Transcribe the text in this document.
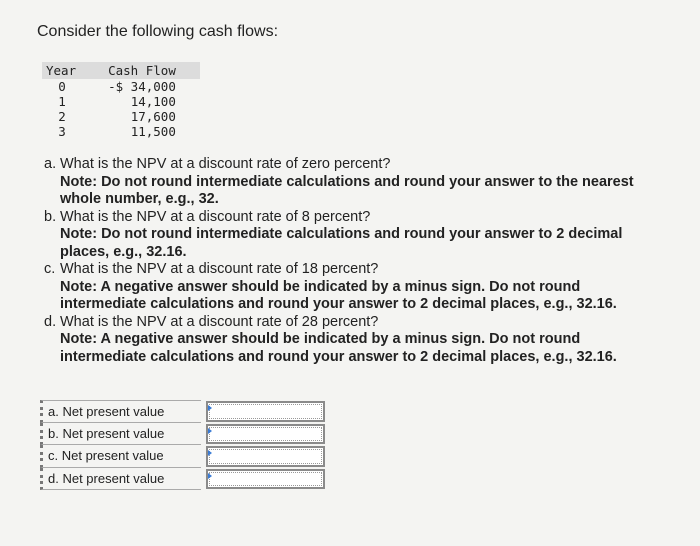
Consider the following cash flows:
Year	Cash Flow
0	-$ 34,000
1	14,100
2	17,600
3	11,500
a. What is the NPV at a discount rate of zero percent?
Note: Do not round intermediate calculations and round your answer to the nearest whole number, e.g., 32.
b. What is the NPV at a discount rate of 8 percent?
Note: Do not round intermediate calculations and round your answer to 2 decimal places, e.g., 32.16.
c. What is the NPV at a discount rate of 18 percent?
Note: A negative answer should be indicated by a minus sign. Do not round intermediate calculations and round your answer to 2 decimal places, e.g., 32.16.
d. What is the NPV at a discount rate of 28 percent?
Note: A negative answer should be indicated by a minus sign. Do not round intermediate calculations and round your answer to 2 decimal places, e.g., 32.16.
a. Net present value
b. Net present value
c. Net present value
d. Net present value
